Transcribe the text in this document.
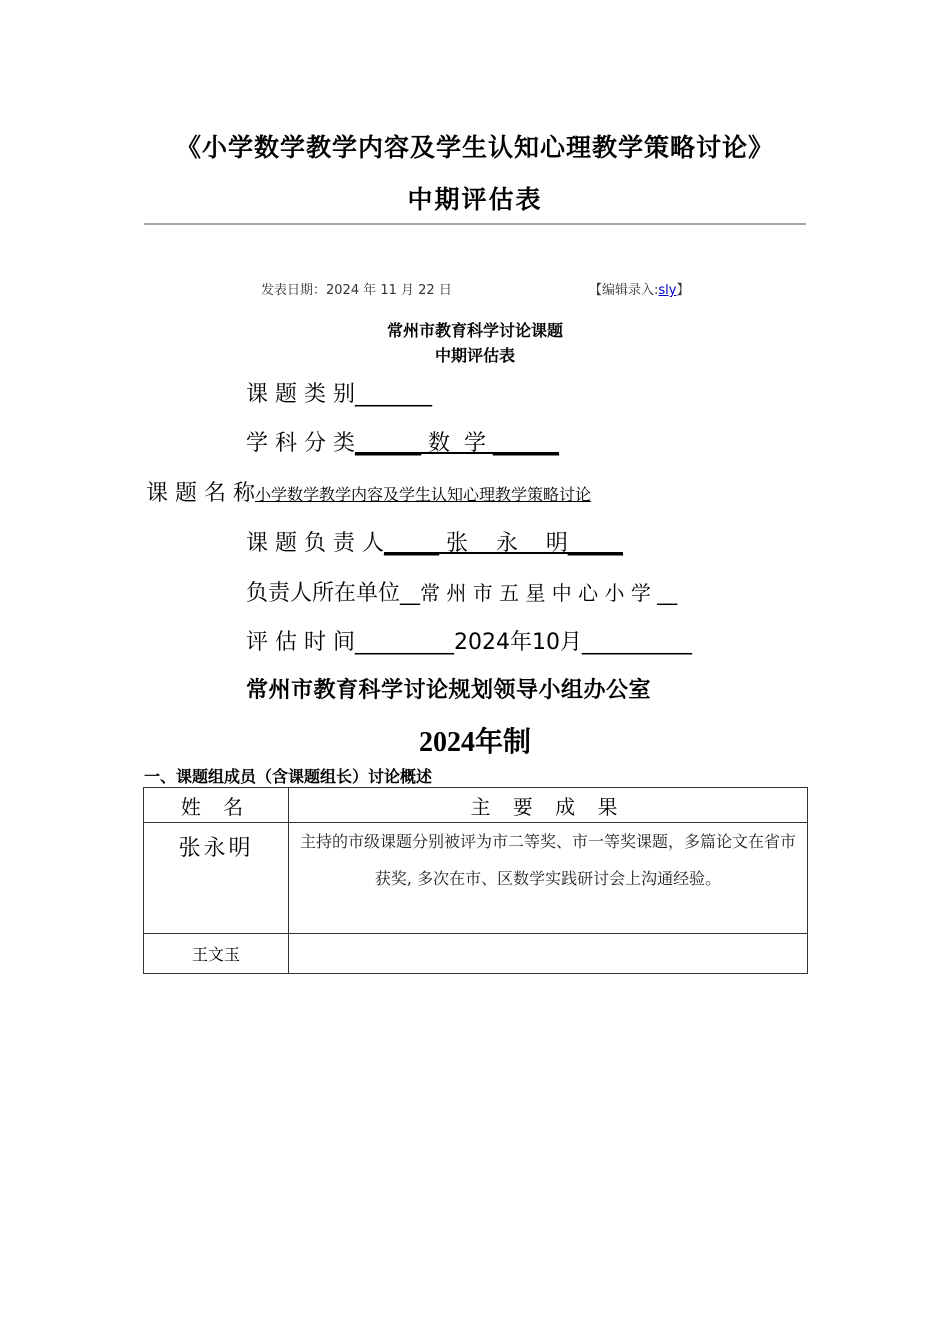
《小学数学教学内容及学生认知心理教学策略讨论》
中期评估表
发表日期：2024 年 11 月 22 日	【编辑录入:sly】
常州市教育科学讨论课题
中期评估表
课 题 类 别_______
学 科 分 类______ 数  学 ______
课 题 名 称小学数学教学内容及学生认知心理教学策略讨论
课 题 负 责 人_____ 张    永    明_____
负责人所在单位__常 州 市 五 星 中 心 小 学 __
评 估 时 间_________2024年10月__________
常州市教育科学讨论规划领导小组办公室
2024年制
一、课题组成员（含课题组长）讨论概述
姓 名	主 要 成 果
张永明	主持的市级课题分别被评为市二等奖、市一等奖课题，多篇论文在省市获奖, 多次在市、区数学实践研讨会上沟通经验。
王文玉	
